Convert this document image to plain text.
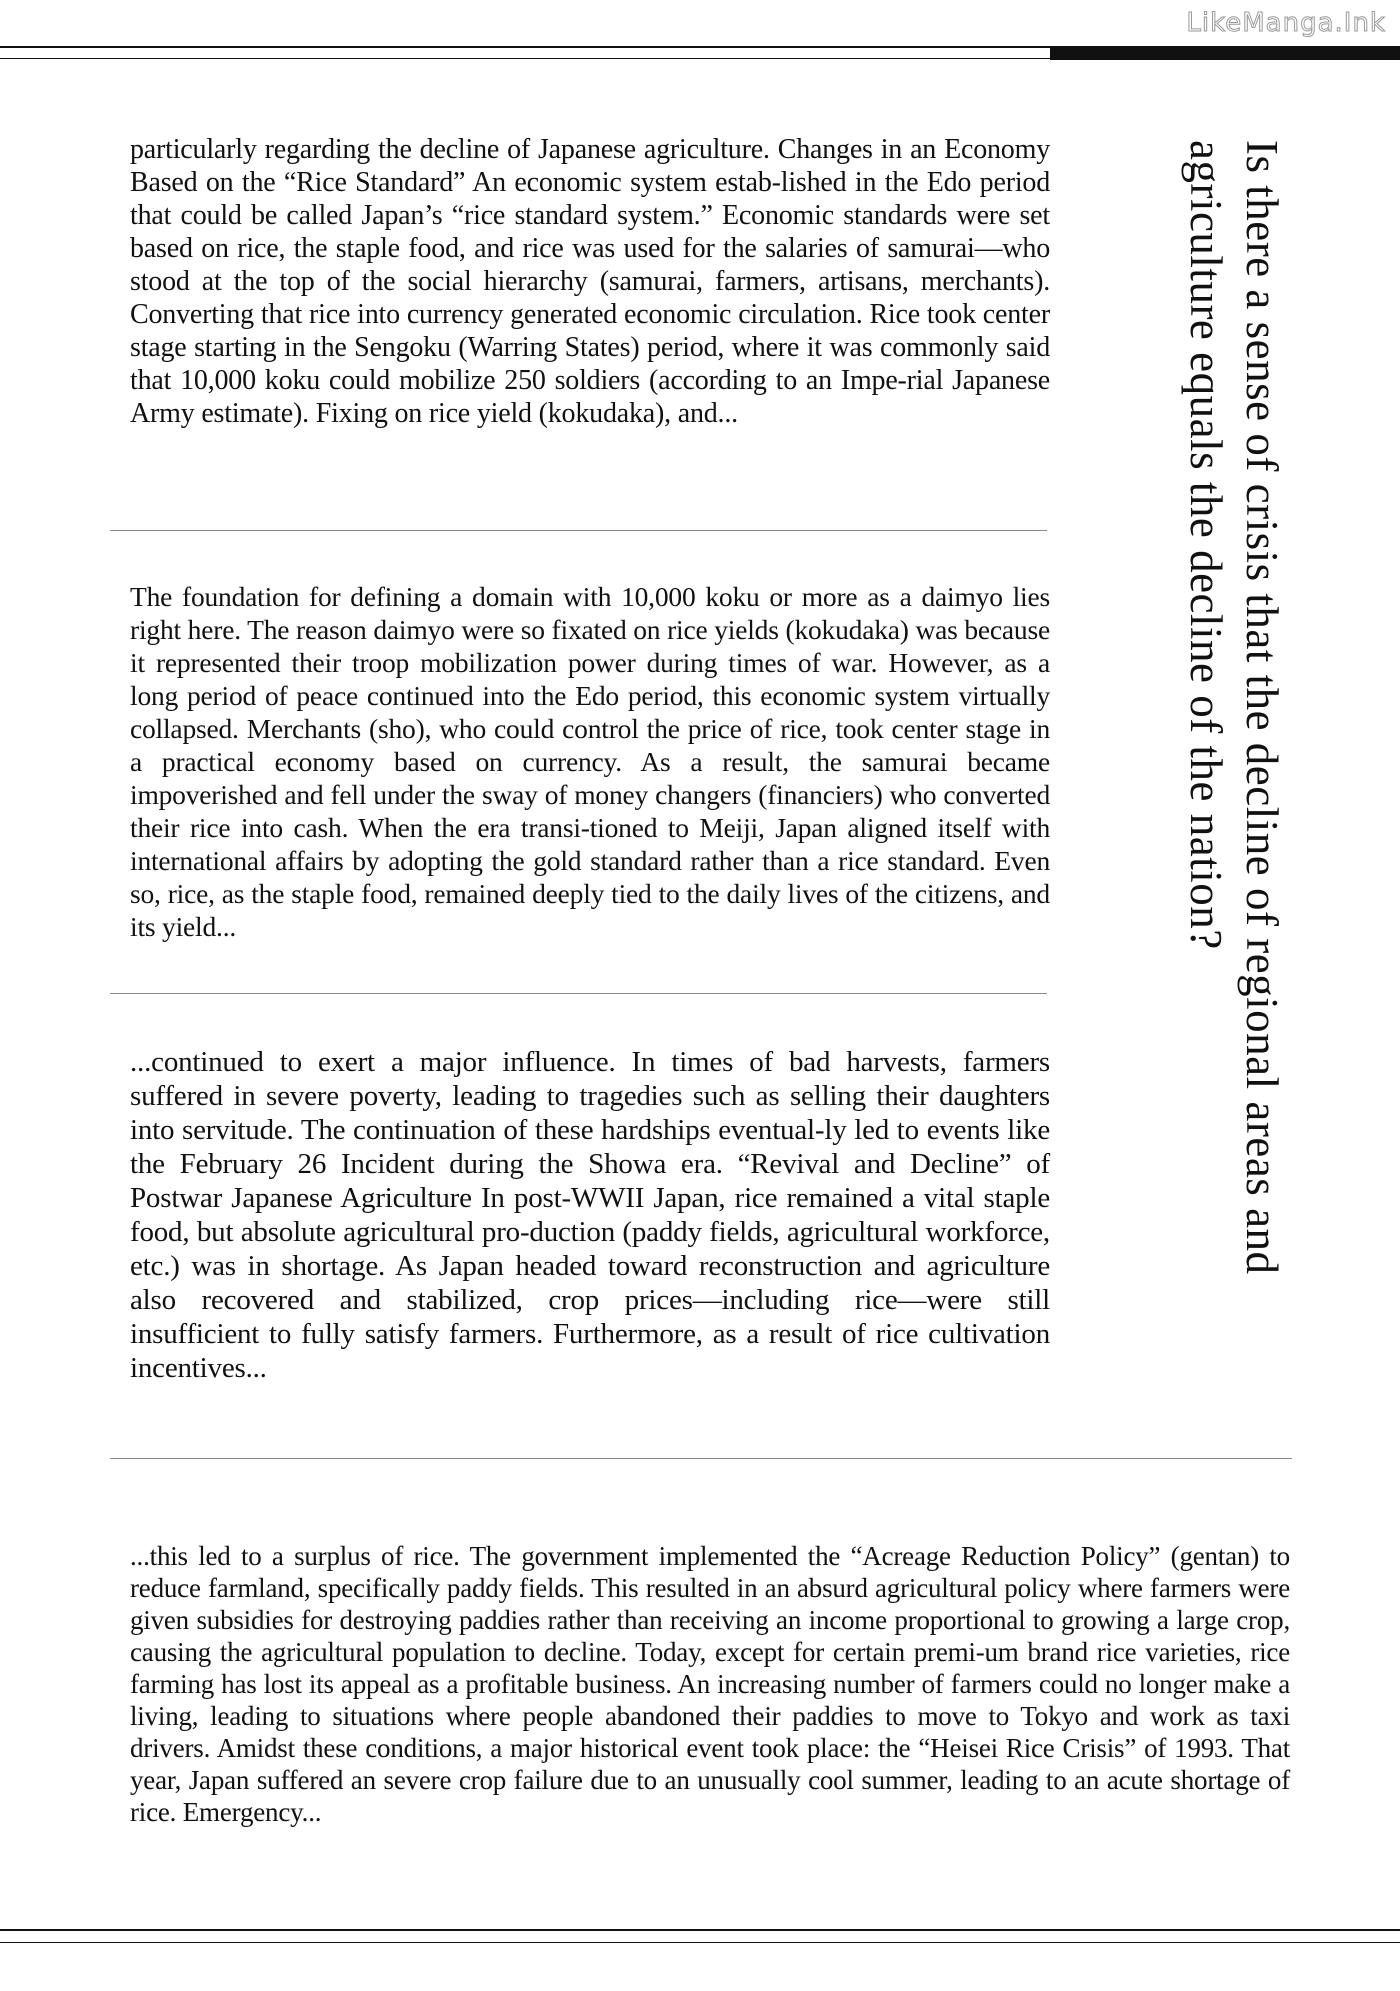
LikeManga.Ink
Is there a sense of crisis that the decline of regional areas and agriculture equals the decline of the nation?

particularly regarding the decline of Japanese agriculture. Changes in an Economy Based on the “Rice Standard” An economic system estab-lished in the Edo period that could be called Japan’s “rice standard system.” Economic standards were set based on rice, the staple food, and rice was used for the salaries of samurai—who stood at the top of the social hierarchy (samurai, farmers, artisans, merchants). Converting that rice into currency generated economic circulation. Rice took center stage starting in the Sengoku (Warring States) period, where it was commonly said that 10,000 koku could mobilize 250 soldiers (according to an Impe-rial Japanese Army estimate). Fixing on rice yield (kokudaka), and...

The foundation for defining a domain with 10,000 koku or more as a daimyo lies right here. The reason daimyo were so fixated on rice yields (kokudaka) was because it represented their troop mobilization power during times of war. However, as a long period of peace continued into the Edo period, this economic system virtually collapsed. Merchants (sho), who could control the price of rice, took center stage in a practical economy based on currency. As a result, the samurai became impoverished and fell under the sway of money changers (financiers) who converted their rice into cash. When the era transi-tioned to Meiji, Japan aligned itself with international affairs by adopting the gold standard rather than a rice standard. Even so, rice, as the staple food, remained deeply tied to the daily lives of the citizens, and its yield...

...continued to exert a major influence. In times of bad harvests, farmers suffered in severe poverty, leading to tragedies such as selling their daughters into servitude. The continuation of these hardships eventual-ly led to events like the February 26 Incident during the Showa era. “Revival and Decline” of Postwar Japanese Agriculture In post-WWII Japan, rice remained a vital staple food, but absolute agricultural pro-duction (paddy fields, agricultural workforce, etc.) was in shortage. As Japan headed toward reconstruction and agriculture also recovered and stabilized, crop prices—including rice—were still insufficient to fully satisfy farmers. Furthermore, as a result of rice cultivation incentives...

...this led to a surplus of rice. The government implemented the “Acreage Reduction Policy” (gentan) to reduce farmland, specifically paddy fields. This resulted in an absurd agricultural policy where farmers were given subsidies for destroying paddies rather than receiving an income proportional to growing a large crop, causing the agricultural population to decline. Today, except for certain premi-um brand rice varieties, rice farming has lost its appeal as a profitable business. An increasing number of farmers could no longer make a living, leading to situations where people abandoned their paddies to move to Tokyo and work as taxi drivers. Amidst these conditions, a major historical event took place: the “Heisei Rice Crisis” of 1993. That year, Japan suffered an severe crop failure due to an unusually cool summer, leading to an acute shortage of rice. Emergency...
